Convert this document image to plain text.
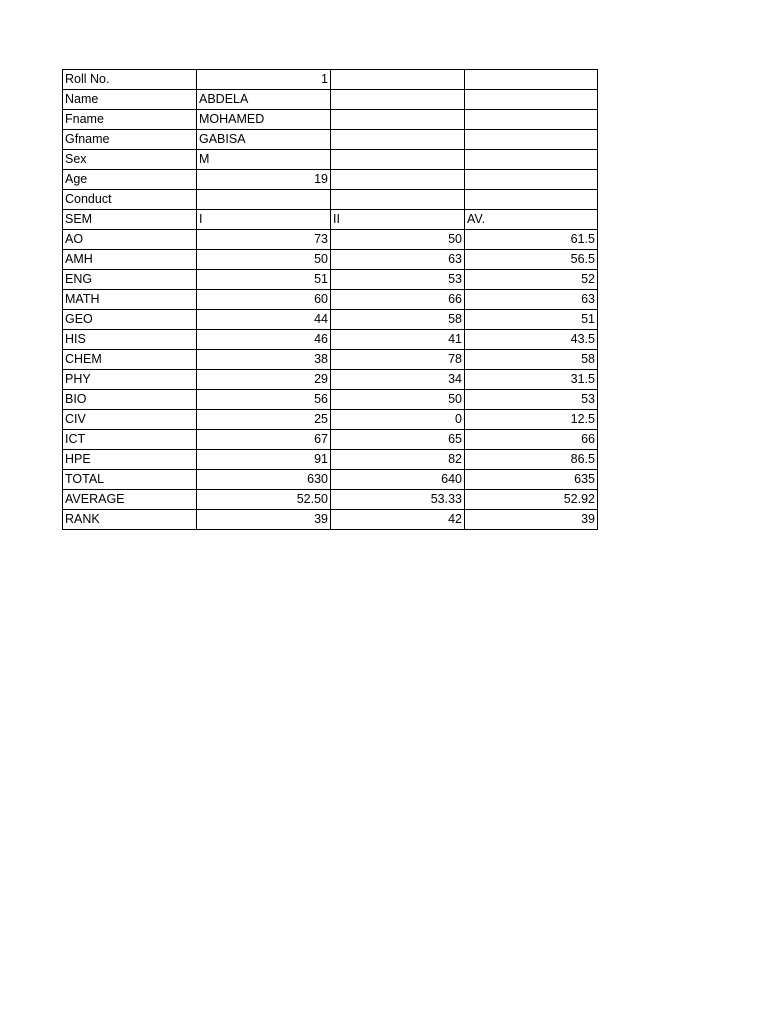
Roll No.	1		
Name	ABDELA		
Fname	MOHAMED		
Gfname	GABISA		
Sex	M		
Age	19		
Conduct			
SEM	I	II	AV.
AO	73	50	61.5
AMH	50	63	56.5
ENG	51	53	52
MATH	60	66	63
GEO	44	58	51
HIS	46	41	43.5
CHEM	38	78	58
PHY	29	34	31.5
BIO	56	50	53
CIV	25	0	12.5
ICT	67	65	66
HPE	91	82	86.5
TOTAL	630	640	635
AVERAGE	52.50	53.33	52.92
RANK	39	42	39
